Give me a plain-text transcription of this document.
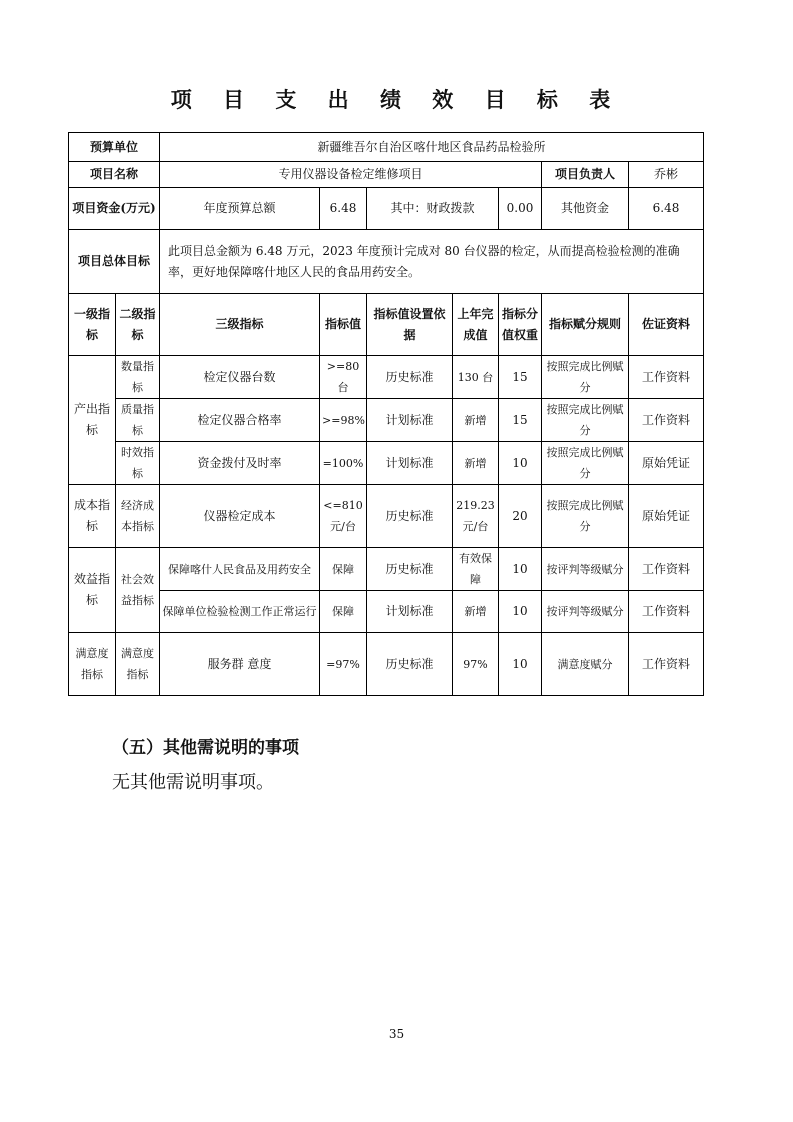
项 目 支 出 绩 效 目 标 表
预算单位		新疆维吾尔自治区喀什地区食品药品检验所						
项目名称		专用仪器设备检定维修项目					项目负责人	乔彬
项目资金(万元)		年度预算总额	6.48	其中：财政拨款		0.00	其他资金	6.48
项目总体目标		此项目总金额为 6.48 万元，2023 年度预计完成对 80 台仪器的检定，从而提高检验检测的准确率，更好地保障喀什地区人民的食品用药安全。						
一级指标	二级指标	三级指标	指标值	指标值设置依据	上年完成值	指标分值权重	指标赋分规则	佐证资料
产出指标	数量指标	检定仪器台数	>=80台	历史标准	130 台	15	按照完成比例赋分	工作资料
	质量指标	检定仪器合格率	>=98%	计划标准	新增	15	按照完成比例赋分	工作资料
	时效指标	资金拨付及时率	=100%	计划标准	新增	10	按照完成比例赋分	原始凭证
成本指标	经济成本指标	仪器检定成本	<=810元/台	历史标准	219.23元/台	20	按照完成比例赋分	原始凭证
效益指标	社会效益指标	保障喀什人民食品及用药安全	保障	历史标准	有效保障	10	按评判等级赋分	工作资料
		保障单位检验检测工作正常运行	保障	计划标准	新增	10	按评判等级赋分	工作资料
满意度指标	满意度指标	服务群 意度	=97%	历史标准	97%	10	满意度赋分	工作资料
（五）其他需说明的事项
无其他需说明事项。
35
